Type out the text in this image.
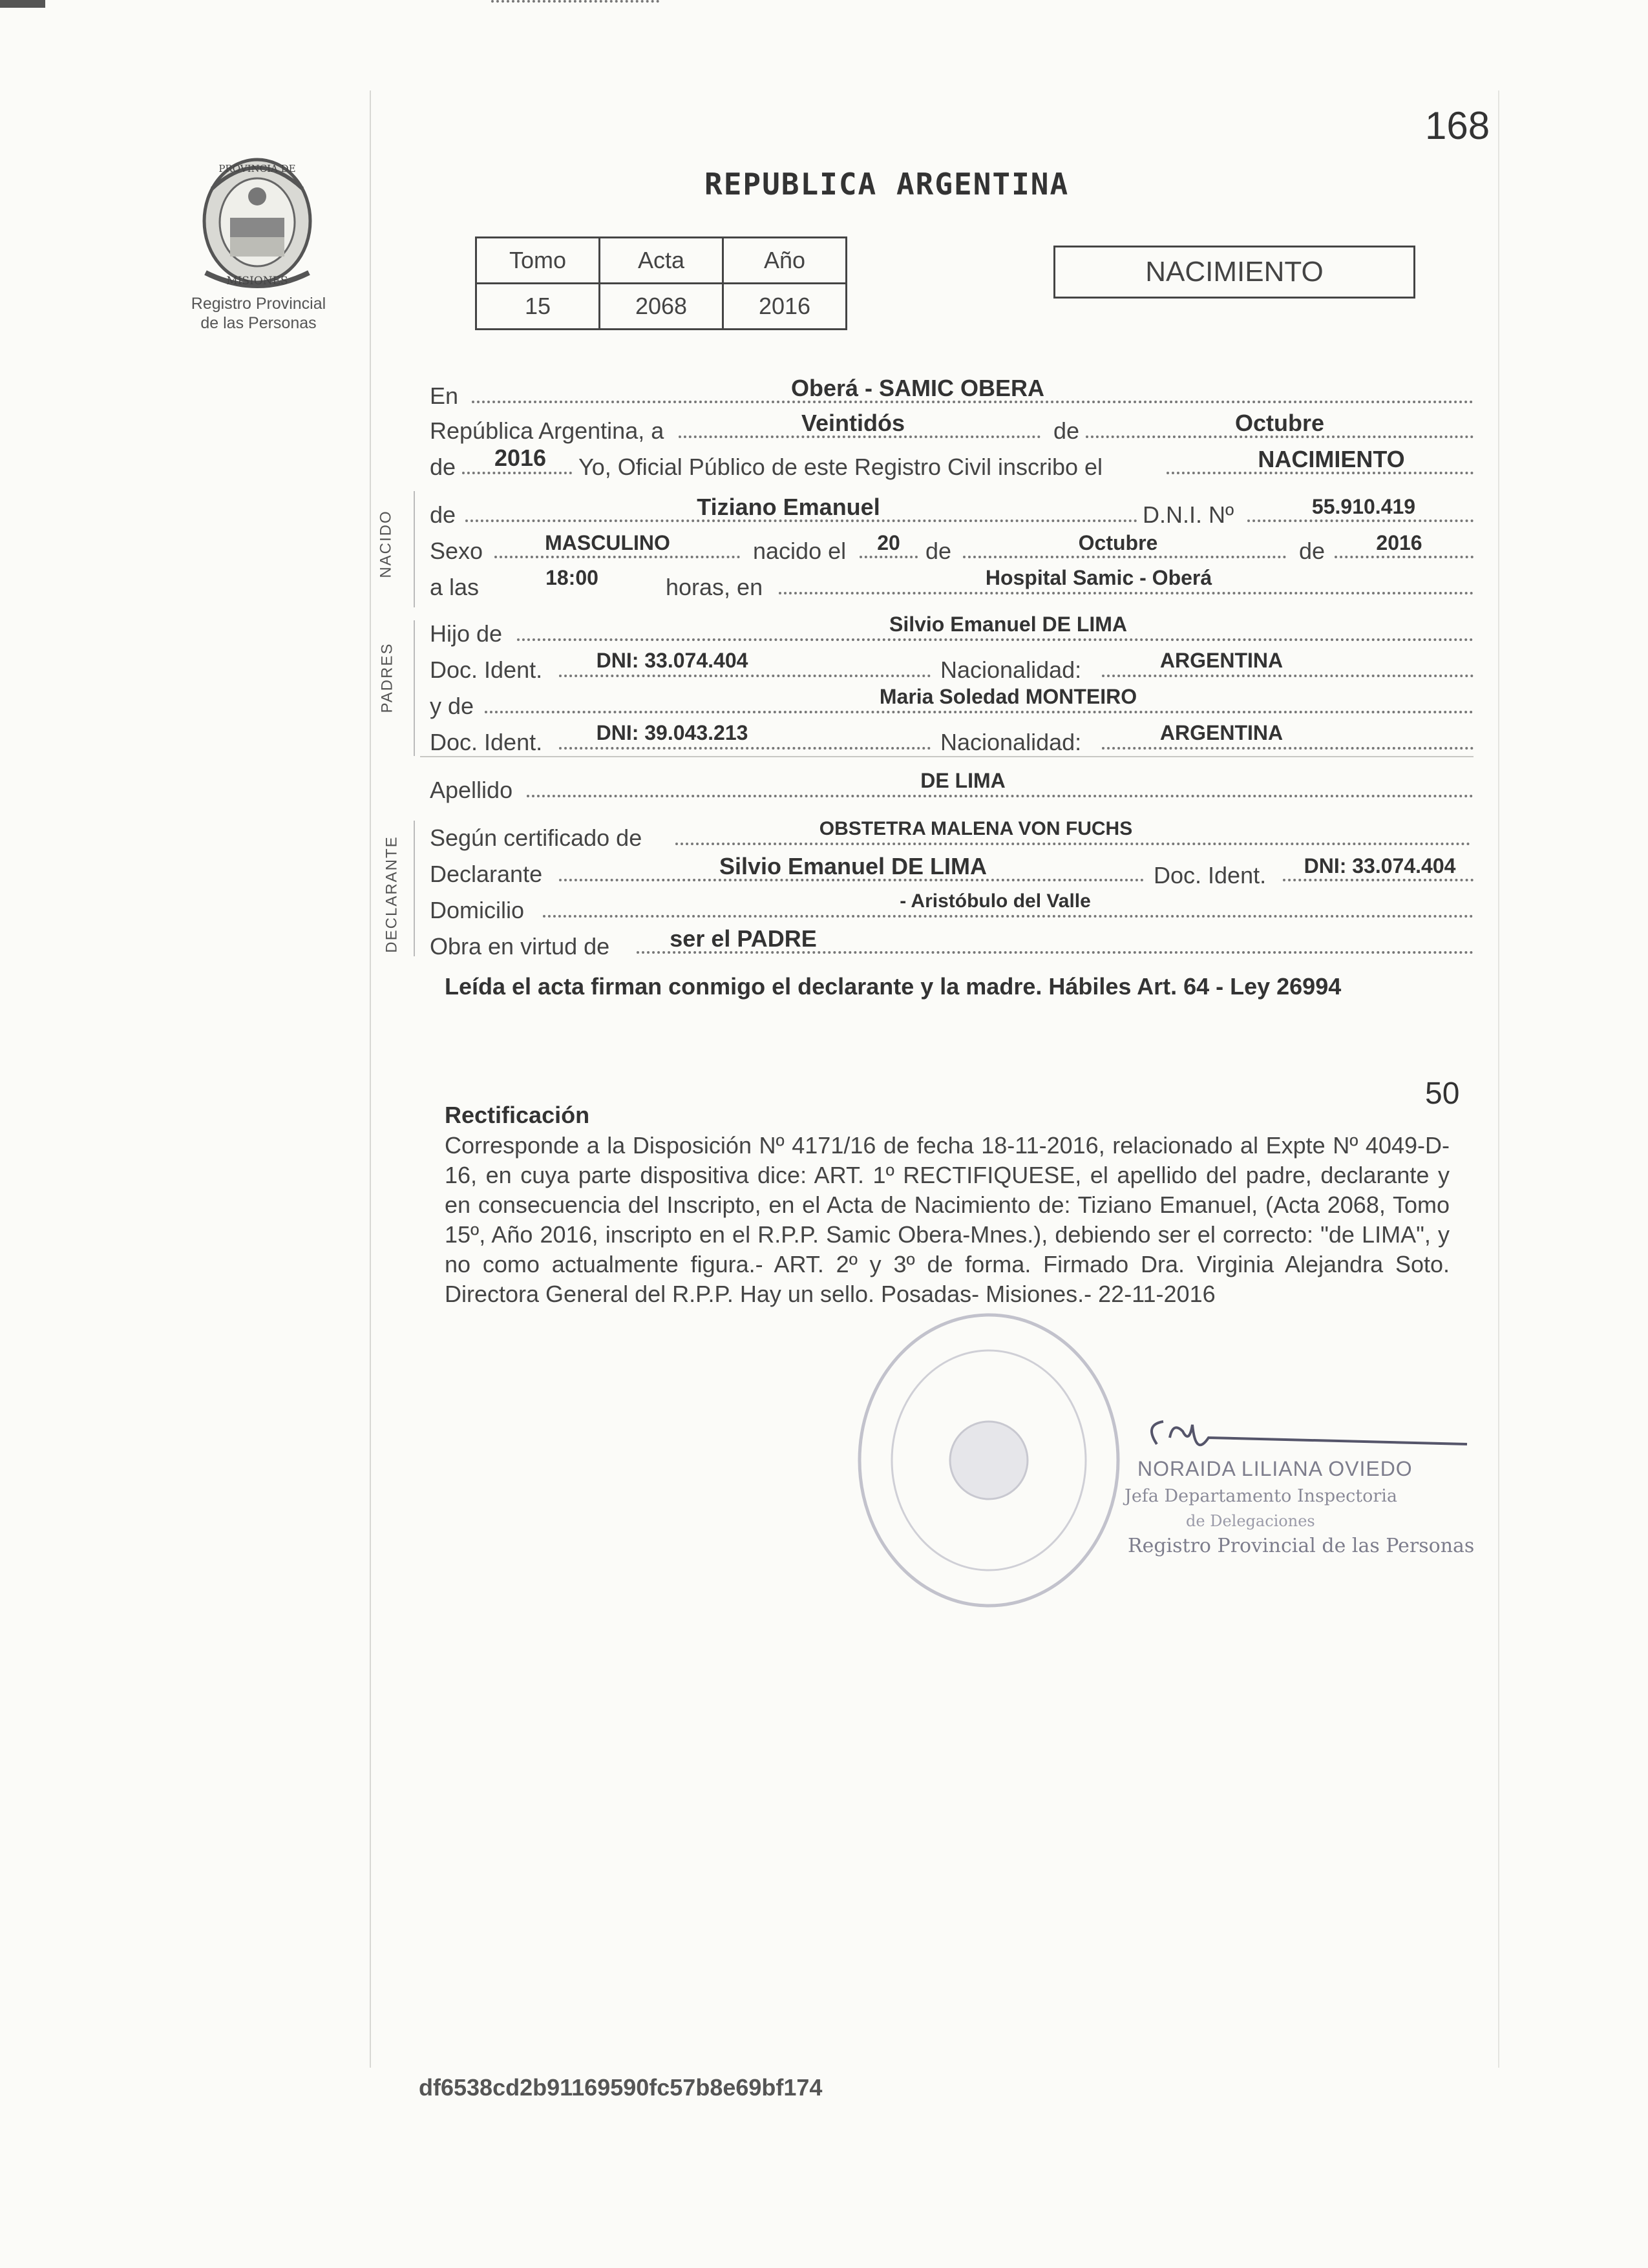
168
PROVINCIA DE
MISIONES
Registro Provincial
de las Personas
REPUBLICA ARGENTINA
Tomo	Acta	Año
15	2068	2016
NACIMIENTO
NACIDO
PADRES
DECLARANTE
En	Oberá - SAMIC OBERA
República Argentina, a	Veintidós	de	Octubre
de	2016	Yo, Oficial Público de este Registro Civil inscribo el	NACIMIENTO
de	Tiziano Emanuel	D.N.I. Nº	55.910.419
Sexo	MASCULINO	nacido el	20	de	Octubre	de	2016
a las	18:00	horas, en	Hospital Samic - Oberá
Hijo de	Silvio Emanuel DE LIMA
Doc. Ident.	DNI: 33.074.404	Nacionalidad:	ARGENTINA
y de	Maria Soledad MONTEIRO
Doc. Ident.	DNI: 39.043.213	Nacionalidad:	ARGENTINA
Apellido	DE LIMA
Según certificado de	OBSTETRA MALENA VON FUCHS
Declarante	Silvio Emanuel DE LIMA	Doc. Ident.	DNI: 33.074.404
Domicilio	- Aristóbulo del Valle
Obra en virtud de	ser el PADRE
Leída el acta firman conmigo el declarante y la madre. Hábiles Art. 64 - Ley 26994
50
Rectificación
Corresponde a la Disposición Nº 4171/16 de fecha 18-11-2016, relacionado al Expte Nº 4049-D-16, en cuya parte dispositiva dice: ART. 1º RECTIFIQUESE, el apellido del padre, declarante y en consecuencia del Inscripto, en el Acta de Nacimiento de: Tiziano Emanuel, (Acta 2068, Tomo 15º, Año 2016, inscripto en el R.P.P. Samic Obera-Mnes.), debiendo ser el correcto: "de LIMA", y no como actualmente figura.- ART. 2º y 3º de forma. Firmado Dra. Virginia Alejandra Soto. Directora General del R.P.P. Hay un sello. Posadas- Misiones.- 22-11-2016
NORAIDA LILIANA OVIEDO
Jefa Departamento Inspectoria
de Delegaciones
Registro Provincial de las Personas
df6538cd2b91169590fc57b8e69bf174
